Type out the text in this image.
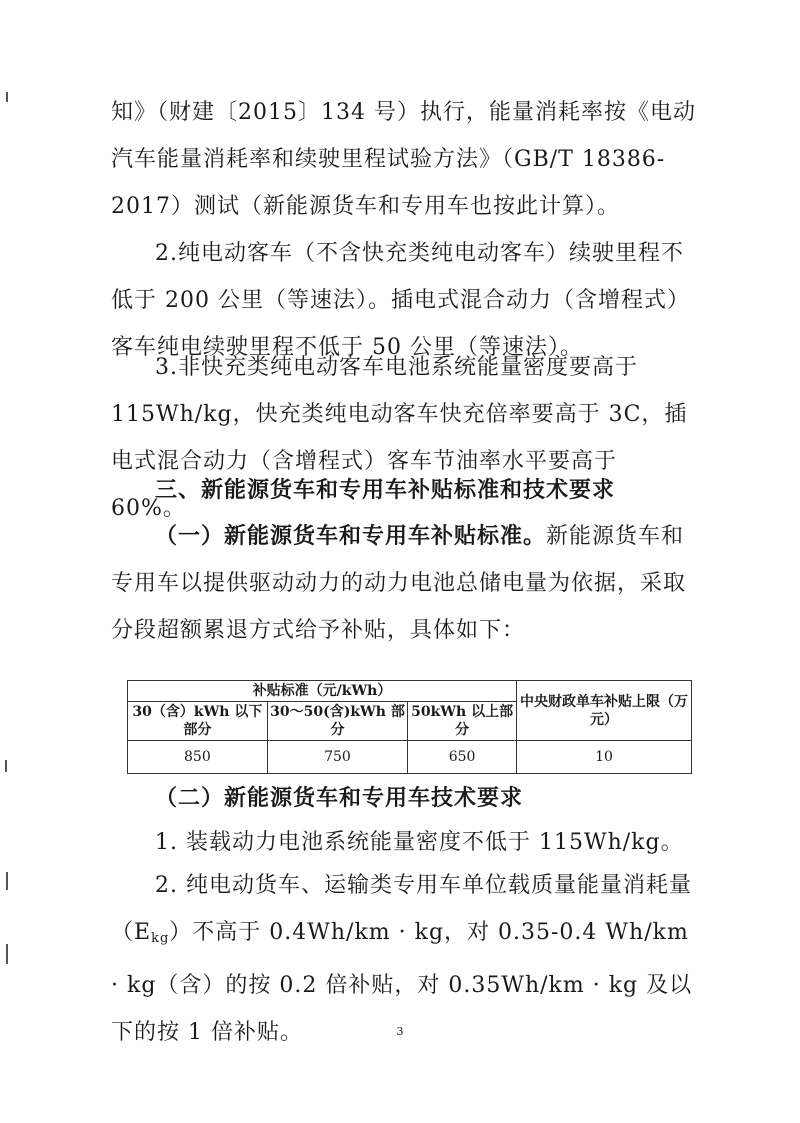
知》（财建〔2015〕134 号）执行，能量消耗率按《电动汽车能量消耗率和续驶里程试验方法》（GB/T 18386-2017）测试（新能源货车和专用车也按此计算）。

2.纯电动客车（不含快充类纯电动客车）续驶里程不低于 200 公里（等速法）。插电式混合动力（含增程式）客车纯电续驶里程不低于 50 公里（等速法）。

3.非快充类纯电动客车电池系统能量密度要高于 115Wh/kg，快充类纯电动客车快充倍率要高于 3C，插电式混合动力（含增程式）客车节油率水平要高于 60%。

三、新能源货车和专用车补贴标准和技术要求

（一）新能源货车和专用车补贴标准。新能源货车和专用车以提供驱动动力的动力电池总储电量为依据，采取分段超额累退方式给予补贴，具体如下：

补贴标准（元/kWh）			中央财政单车补贴上限（万元）
30（含）kWh 以下部分	30～50(含)kWh 部分	50kWh 以上部分	
850	750	650	10

（二）新能源货车和专用车技术要求

1. 装载动力电池系统能量密度不低于 115Wh/kg。

2. 纯电动货车、运输类专用车单位载质量能量消耗量（Ekg）不高于 0.4Wh/km · kg，对 0.35-0.4 Wh/km · kg（含）的按 0.2 倍补贴，对 0.35Wh/km · kg 及以下的按 1 倍补贴。	3
